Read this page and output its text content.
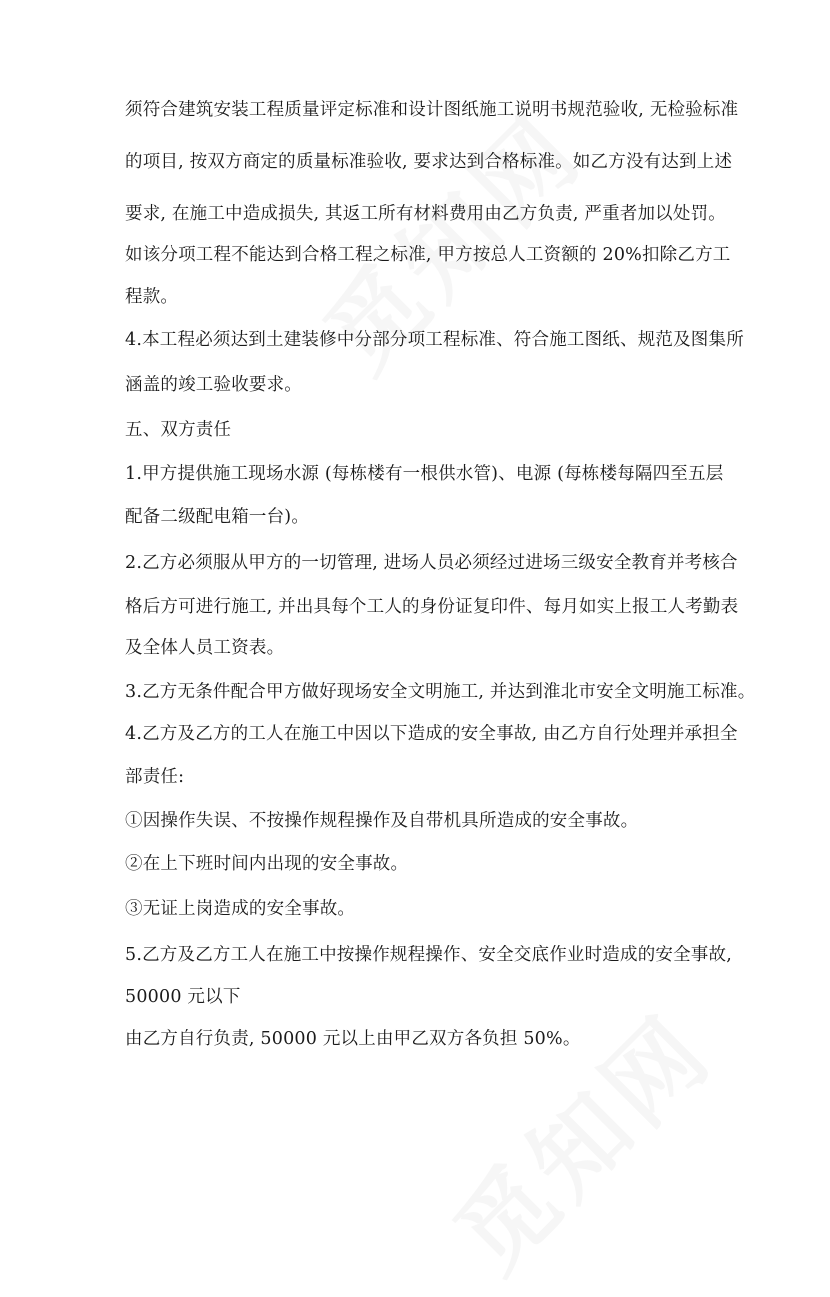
须符合建筑安装工程质量评定标准和设计图纸施工说明书规范验收, 无检验标准
的项目, 按双方商定的质量标准验收, 要求达到合格标准。如乙方没有达到上述
要求, 在施工中造成损失, 其返工所有材料费用由乙方负责, 严重者加以处罚。
如该分项工程不能达到合格工程之标准, 甲方按总人工资额的 20%扣除乙方工
程款。
4.本工程必须达到土建装修中分部分项工程标准、符合施工图纸、规范及图集所
涵盖的竣工验收要求。
五、双方责任
1.甲方提供施工现场水源 (每栋楼有一根供水管)、电源 (每栋楼每隔四至五层
配备二级配电箱一台)。
2.乙方必须服从甲方的一切管理, 进场人员必须经过进场三级安全教育并考核合
格后方可进行施工, 并出具每个工人的身份证复印件、每月如实上报工人考勤表
及全体人员工资表。
3.乙方无条件配合甲方做好现场安全文明施工, 并达到淮北市安全文明施工标准。
4.乙方及乙方的工人在施工中因以下造成的安全事故, 由乙方自行处理并承担全
部责任:
①因操作失误、不按操作规程操作及自带机具所造成的安全事故。
②在上下班时间内出现的安全事故。
③无证上岗造成的安全事故。
5.乙方及乙方工人在施工中按操作规程操作、安全交底作业时造成的安全事故,
50000 元以下
由乙方自行负责, 50000 元以上由甲乙双方各负担 50%。
